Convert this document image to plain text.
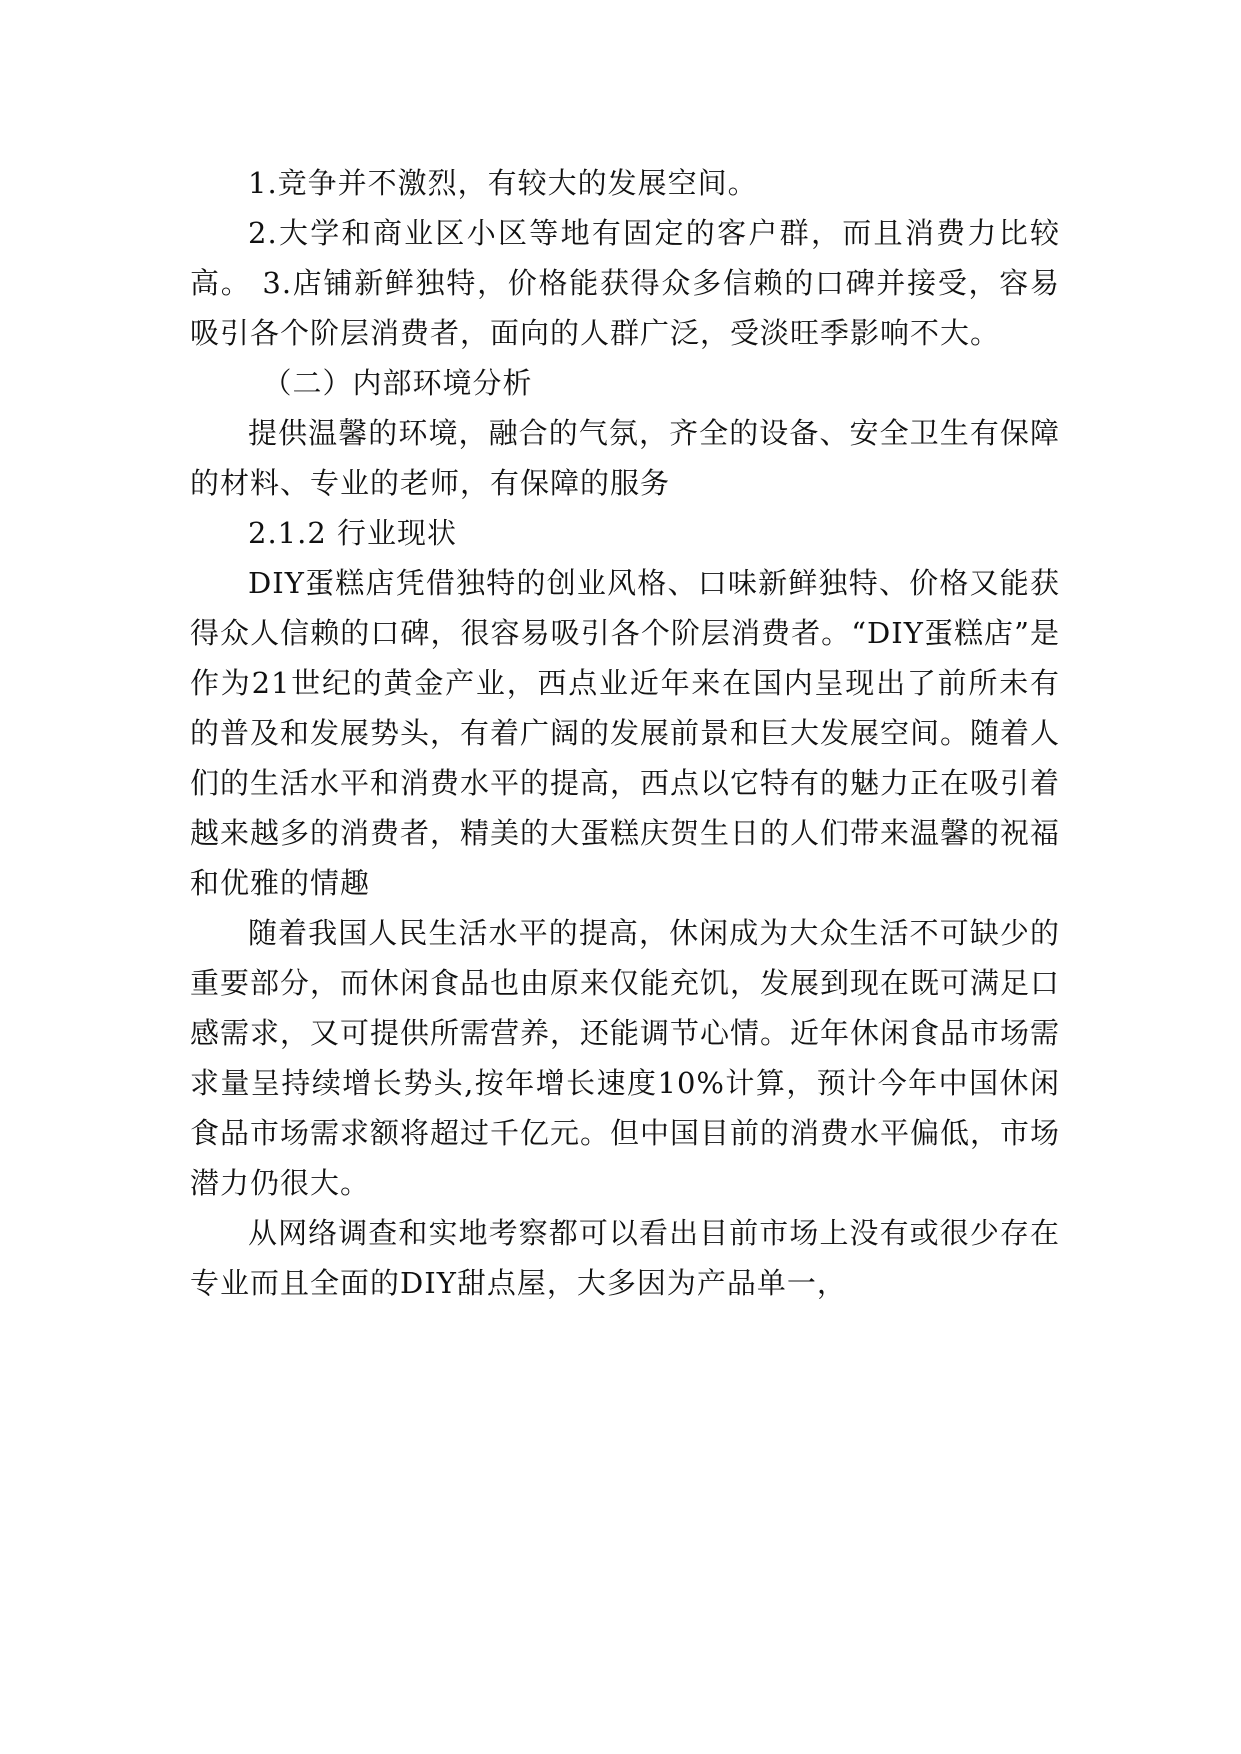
1.竞争并不激烈，有较大的发展空间。

2.大学和商业区小区等地有固定的客户群，而且消费力比较高。 3.店铺新鲜独特，价格能获得众多信赖的口碑并接受，容易吸引各个阶层消费者，面向的人群广泛，受淡旺季影响不大。

（二）内部环境分析

提供温馨的环境，融合的气氛，齐全的设备、安全卫生有保障的材料、专业的老师，有保障的服务

2.1.2 行业现状

DIY蛋糕店凭借独特的创业风格、口味新鲜独特、价格又能获得众人信赖的口碑，很容易吸引各个阶层消费者。“DIY蛋糕店”是作为21世纪的黄金产业，西点业近年来在国内呈现出了前所未有的普及和发展势头，有着广阔的发展前景和巨大发展空间。随着人们的生活水平和消费水平的提高，西点以它特有的魅力正在吸引着越来越多的消费者，精美的大蛋糕庆贺生日的人们带来温馨的祝福和优雅的情趣

随着我国人民生活水平的提高，休闲成为大众生活不可缺少的重要部分，而休闲食品也由原来仅能充饥，发展到现在既可满足口感需求，又可提供所需营养，还能调节心情。近年休闲食品市场需求量呈持续增长势头,按年增长速度10%计算，预计今年中国休闲食品市场需求额将超过千亿元。但中国目前的消费水平偏低，市场潜力仍很大。

从网络调查和实地考察都可以看出目前市场上没有或很少存在专业而且全面的DIY甜点屋，大多因为产品单一，
